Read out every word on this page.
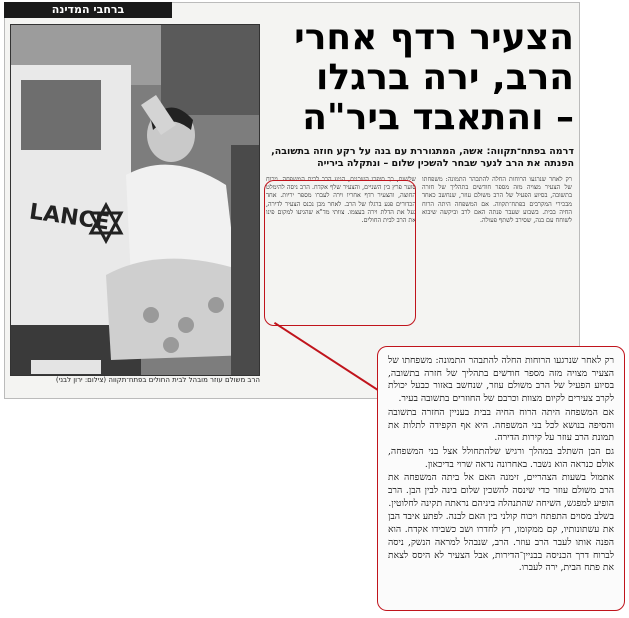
ברחבי המדינה
LANCE
הרב משולם עוזר מובהל לבית החולים בפתח־תקווה (צילום: ירון לבני)
הצעיר רדף אחרי
הרב, ירה ברגלו
– והתאבד ביר"ה
דרמה בפתח־תקווה: אשה, המתגוררת עם בנה על רקע חוזה בתשובה, הפנתה את הרב לנער שבחר להשכין שלום – ונתקלה בירייה
רק לאחר שנרגעו הרוחות החלה להתבהר התמונה: משפחתו של הצעיר מצויה מזה מספר חודשים בתהליך של חזרה בתשובה, בסיוע הפעיל של הרב משולם עוזר, שנחשב כאחד מבכירי המקרבים בפתח־תקווה. אם המשפחה היתה הרוח החיה בבית. בשבוע שעבר פנתה האם לרב וביקשה שיבוא לשוחח עם בנה, שסירב לשתף פעולה.
שלשום, כך סיפרו השכנים, הגיע הרב לבית המשפחה. ויכוח סוער פרץ בין השניים, והצעיר שלף אקדח. הרב ניסה להימלט החוצה, והצעיר רדף אחריו וירה לעברו מספר יריות. אחד הכדורים פגע ברגלו של הרב. לאחר מכן נכנס הצעיר לדירה, נעל את הדלת וירה בעצמו. צוותי מד"א שהגיעו למקום פינו את הרב לבית החולים.

רק לאחר שנרגעו הרוחות החלה להתבהר התמונה: משפחתו של הצעיר מצויה מזה מספר חודשים בתהליך של חזרה בתשובה, בסיוע הפעיל של הרב משולם עוזר, שנחשב באזור כבעל יכולת לקרב צעירים לקיום מצוות וכרבם של החוזרים בתשובה בעיר.

אם המשפחה היתה הרוח החיה בבית בעניין החזרה בתשובה והסיפה בנושא לכל בני המשפחה. היא אף הקפידה לתלות את תמונת הרב עוזר על קירות הדירה.

גם הבן השתלב במהלך ורגיש שלהתחולל אצל בני המשפחה, אולם כנראה הוא נשבר. באחרונה נראה שרוי בדיכאון.

אתמול בשעות הצהריים, זימנה האם אל ביתה המשפחה את הרב משולם עוזר כדי שינסה להשכין שלום בינה לבין הבן. הרב הופיע למפגש, השיחה שהתנהלה ביניהם נראתה תקינה לחלוטין.

בשלב מסוים התפתח ויכוח קולני בין האם לבנה. לפתע איבד הבן את עשתונותיו, קם ממקומו, רץ לחדרו ושב כשבידו אקדח. הוא הפנה אותו לעבר הרב עוזר. הרב, שנבהל למראה הנשק, ניסה לברוח דרך הכניסה בבניין־הדירות, אבל הצעיר לא היסס לצאת את פתח הבית, ירה לעברו.
